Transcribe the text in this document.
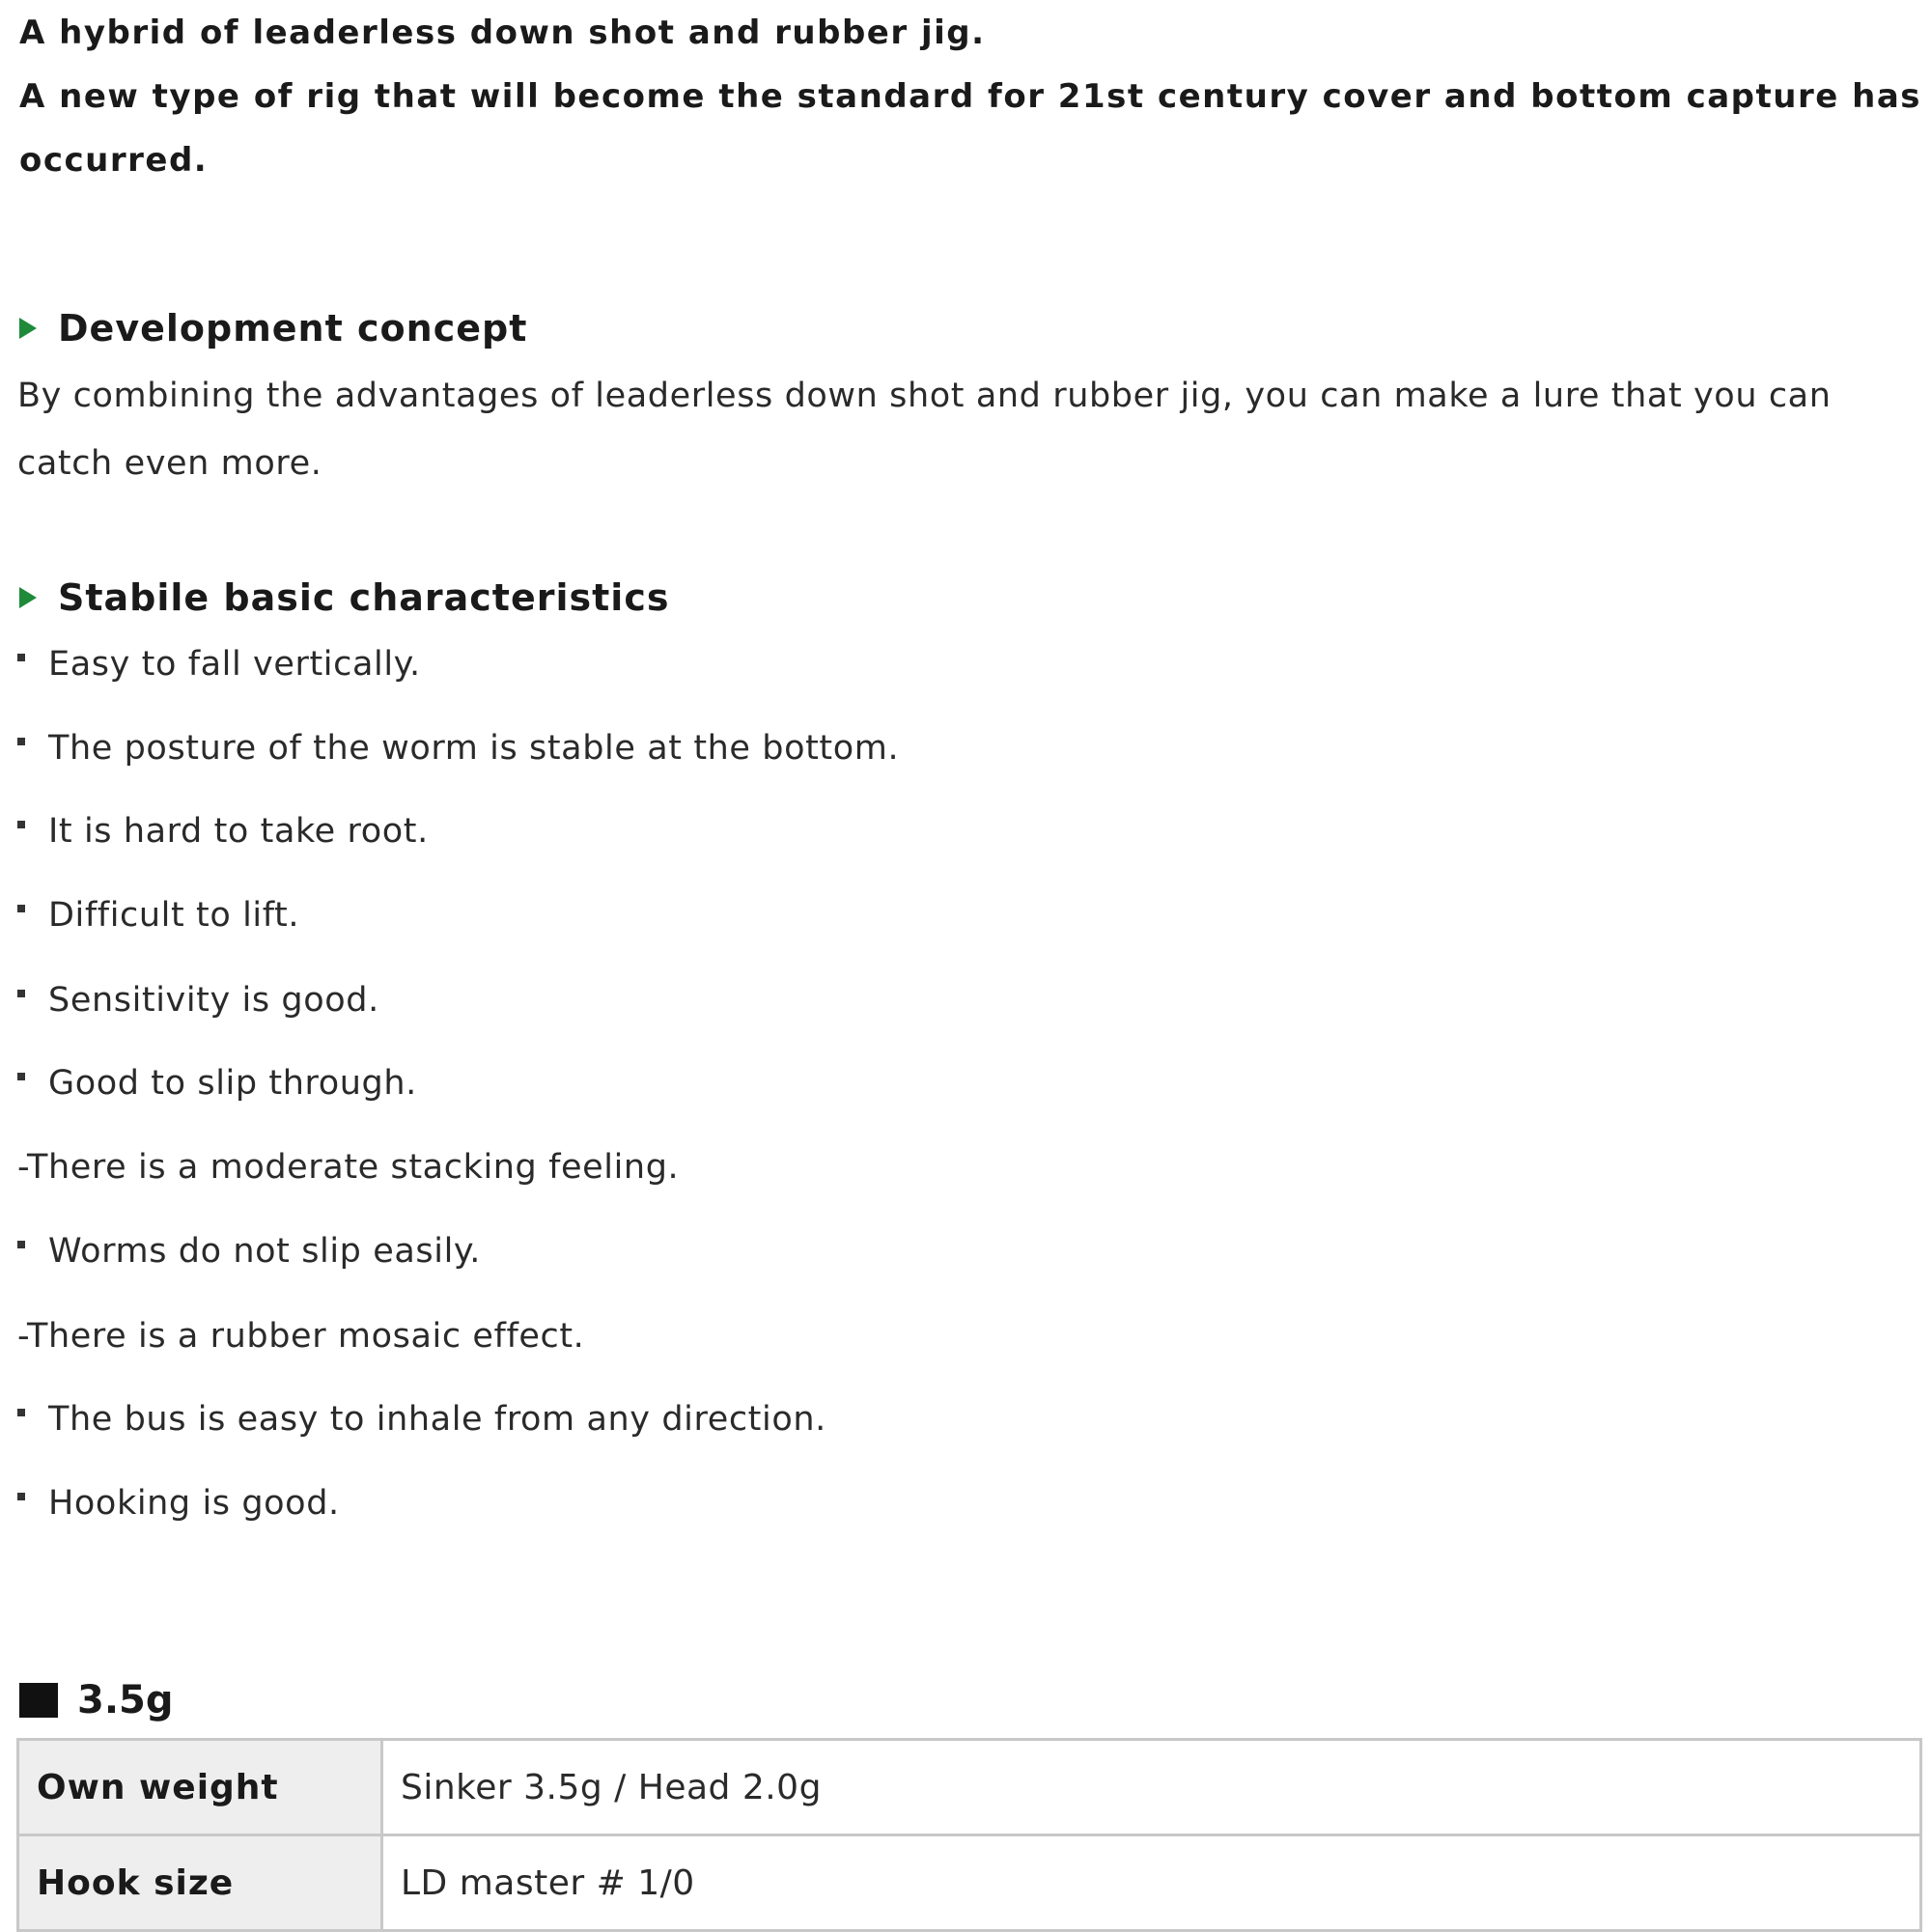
A hybrid of leaderless down shot and rubber jig.
A new type of rig that will become the standard for 21st century cover and bottom capture has
occurred.
Development concept
By combining the advantages of leaderless down shot and rubber jig, you can make a lure that you can
catch even more.
Stabile basic characteristics
Easy to fall vertically.
The posture of the worm is stable at the bottom.
It is hard to take root.
Difficult to lift.
Sensitivity is good.
Good to slip through.
-There is a moderate stacking feeling.
Worms do not slip easily.
-There is a rubber mosaic effect.
The bus is easy to inhale from any direction.
Hooking is good.
3.5g
Own weight	Sinker 3.5g / Head 2.0g
Hook size	LD master # 1/0
